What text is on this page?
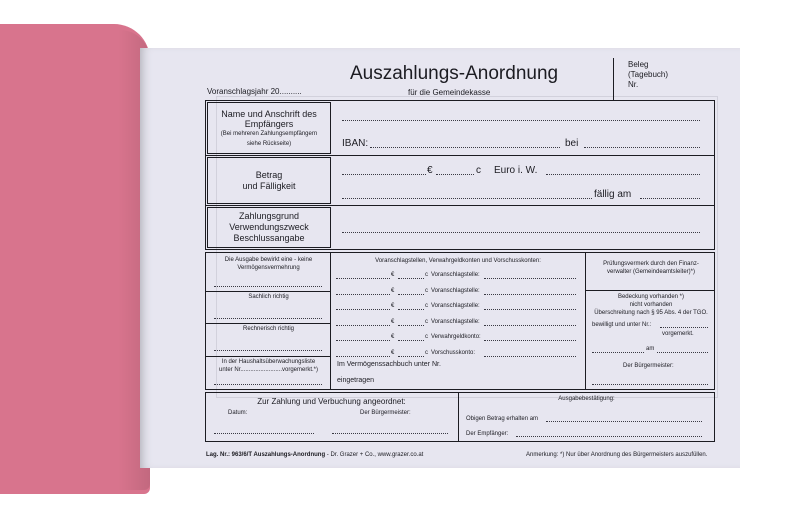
Auszahlungs-Anordnung
für die Gemeindekasse
Voranschlagsjahr 20..........
Beleg
(Tagebuch)
Nr.
Name und Anschrift des
Empfängers
(Bei mehreren Zahlungsempfängern
siehe Rückseite)	IBAN:	bei
Betrag
und Fälligkeit
€	c Euro i. W.
fällig am
Zahlungsgrund
Verwendungszweck
Beschlussangabe
Die Ausgabe bewirkt eine - keine
Vermögensvermehrung
Sachlich richtig
Rechnerisch richtig
In der Haushaltsüberwachungsliste
unter Nr.........................vorgemerkt.*)
Voranschlagstellen, Verwahrgeldkonten und Vorschusskonten:
€	c Voranschlagstelle:
€	c Voranschlagstelle:
€	c Voranschlagstelle:
€	c Voranschlagstelle:
€	c Verwahrgeldkonto:
€	c Vorschusskonto:
Im Vermögenssachbuch unter Nr.
eingetragen
Prüfungsvermerk durch den Finanz-
verwalter (Gemeindeamtsleiter)*)
Bedeckung vorhanden *)
nicht vorhanden
Überschreitung nach § 95 Abs. 4 der TGO.
bewilligt und unter Nr.:
vorgemerkt.
am
Der Bürgermeister:
Zur Zahlung und Verbuchung angeordnet:
Datum:	Der Bürgermeister:
Ausgabebestätigung:
Obigen Betrag erhalten am
Der Empfänger:
Lag. Nr.: 963/6/T Auszahlungs-Anordnung - Dr. Grazer + Co., www.grazer.co.at	Anmerkung: *) Nur über Anordnung des Bürgermeisters auszufüllen.
